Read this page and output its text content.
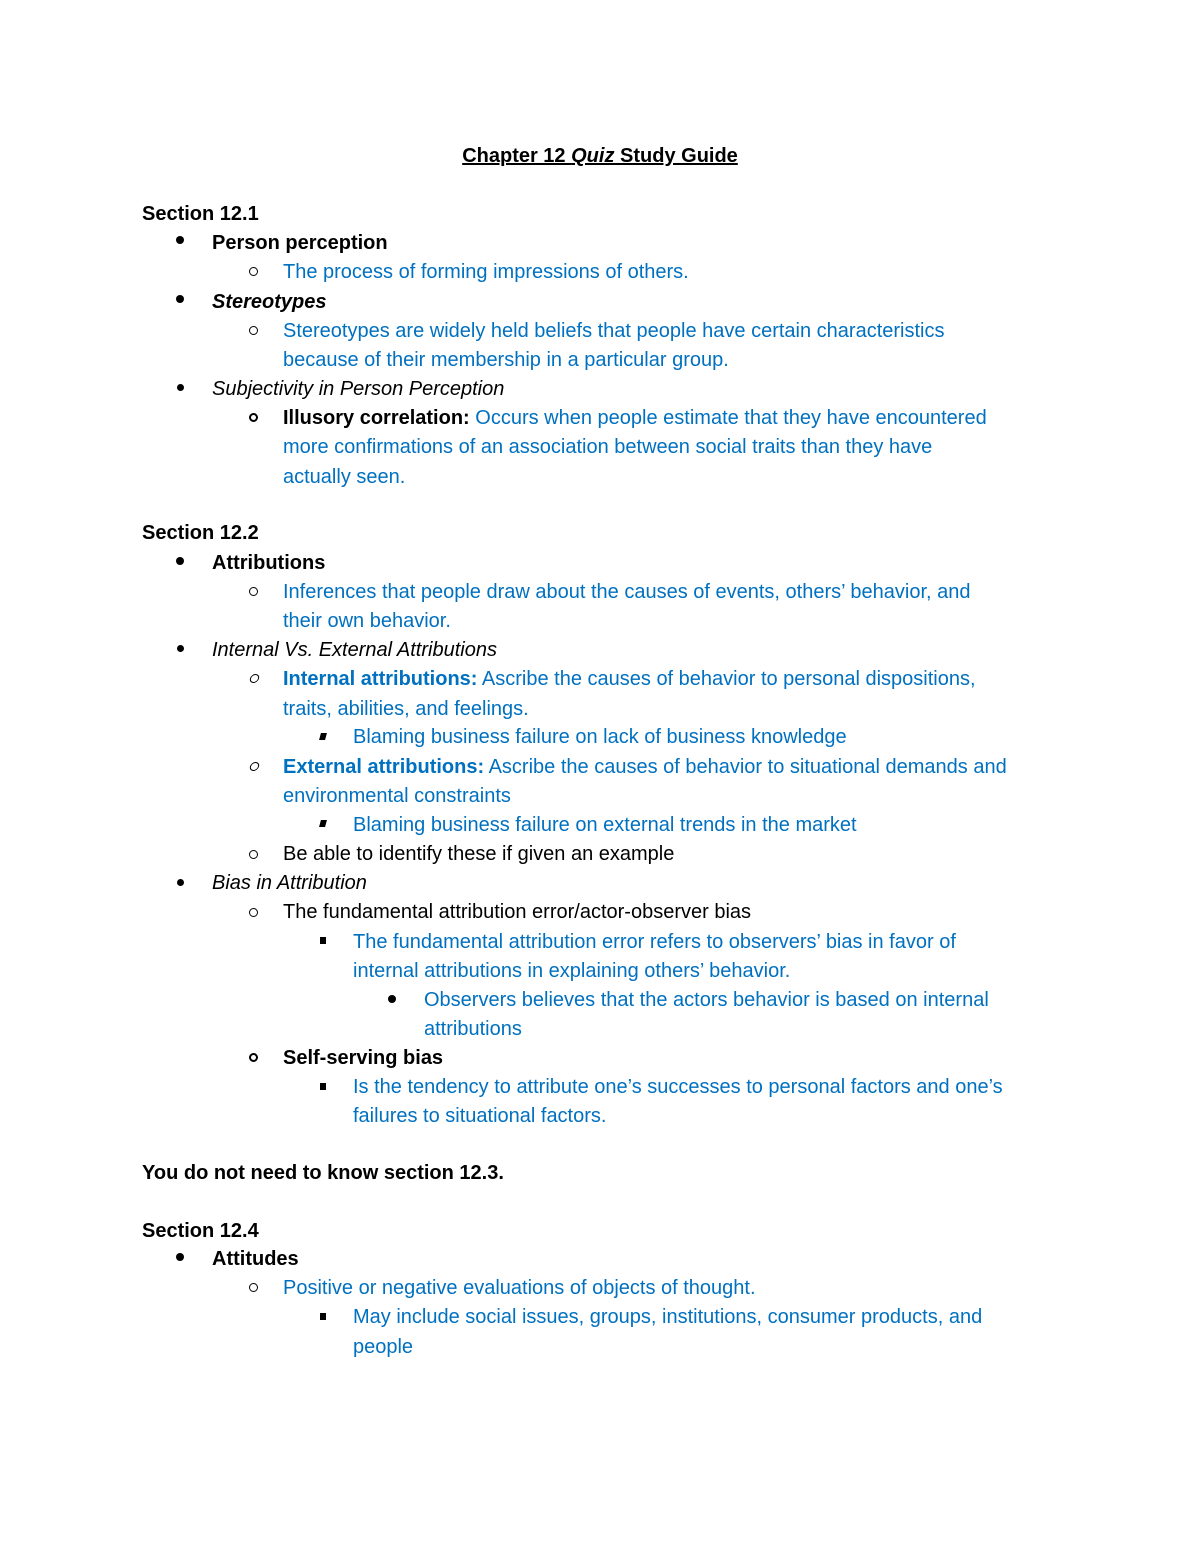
Chapter 12 Quiz Study Guide
Section 12.1
Person perception
The process of forming impressions of others.
Stereotypes
Stereotypes are widely held beliefs that people have certain characteristics
because of their membership in a particular group.
Subjectivity in Person Perception
Illusory correlation: Occurs when people estimate that they have encountered
more confirmations of an association between social traits than they have
actually seen.
Section 12.2
Attributions
Inferences that people draw about the causes of events, others’ behavior, and
their own behavior.
Internal Vs. External Attributions
Internal attributions: Ascribe the causes of behavior to personal dispositions,
traits, abilities, and feelings.
Blaming business failure on lack of business knowledge
External attributions: Ascribe the causes of behavior to situational demands and
environmental constraints
Blaming business failure on external trends in the market
Be able to identify these if given an example
Bias in Attribution
The fundamental attribution error/actor-observer bias
The fundamental attribution error refers to observers’ bias in favor of
internal attributions in explaining others’ behavior.
Observers believes that the actors behavior is based on internal
attributions
Self-serving bias
Is the tendency to attribute one’s successes to personal factors and one’s
failures to situational factors.
You do not need to know section 12.3.
Section 12.4
Attitudes
Positive or negative evaluations of objects of thought.
May include social issues, groups, institutions, consumer products, and
people
